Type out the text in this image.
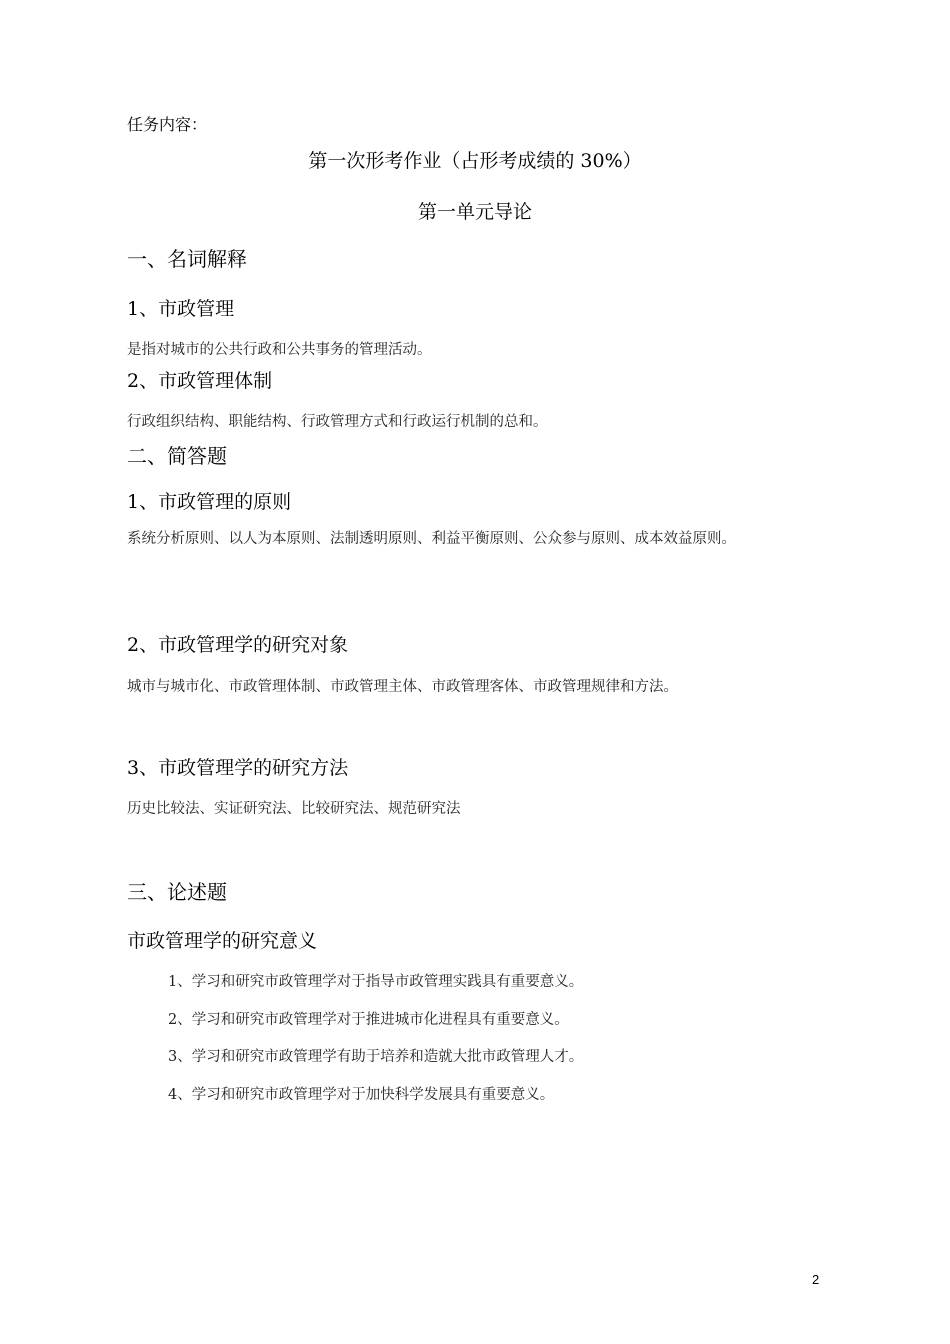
任务内容：

第一次形考作业（占形考成绩的 30%）

第一单元导论

一、名词解释

1、市政管理

是指对城市的公共行政和公共事务的管理活动。

2、市政管理体制

行政组织结构、职能结构、行政管理方式和行政运行机制的总和。

二、简答题

1、市政管理的原则

系统分析原则、以人为本原则、法制透明原则、利益平衡原则、公众参与原则、成本效益原则。

2、市政管理学的研究对象

城市与城市化、市政管理体制、市政管理主体、市政管理客体、市政管理规律和方法。

3、市政管理学的研究方法

历史比较法、实证研究法、比较研究法、规范研究法

三、论述题

市政管理学的研究意义

1、学习和研究市政管理学对于指导市政管理实践具有重要意义。

2、学习和研究市政管理学对于推进城市化进程具有重要意义。

3、学习和研究市政管理学有助于培养和造就大批市政管理人才。

4、学习和研究市政管理学对于加快科学发展具有重要意义。

2
